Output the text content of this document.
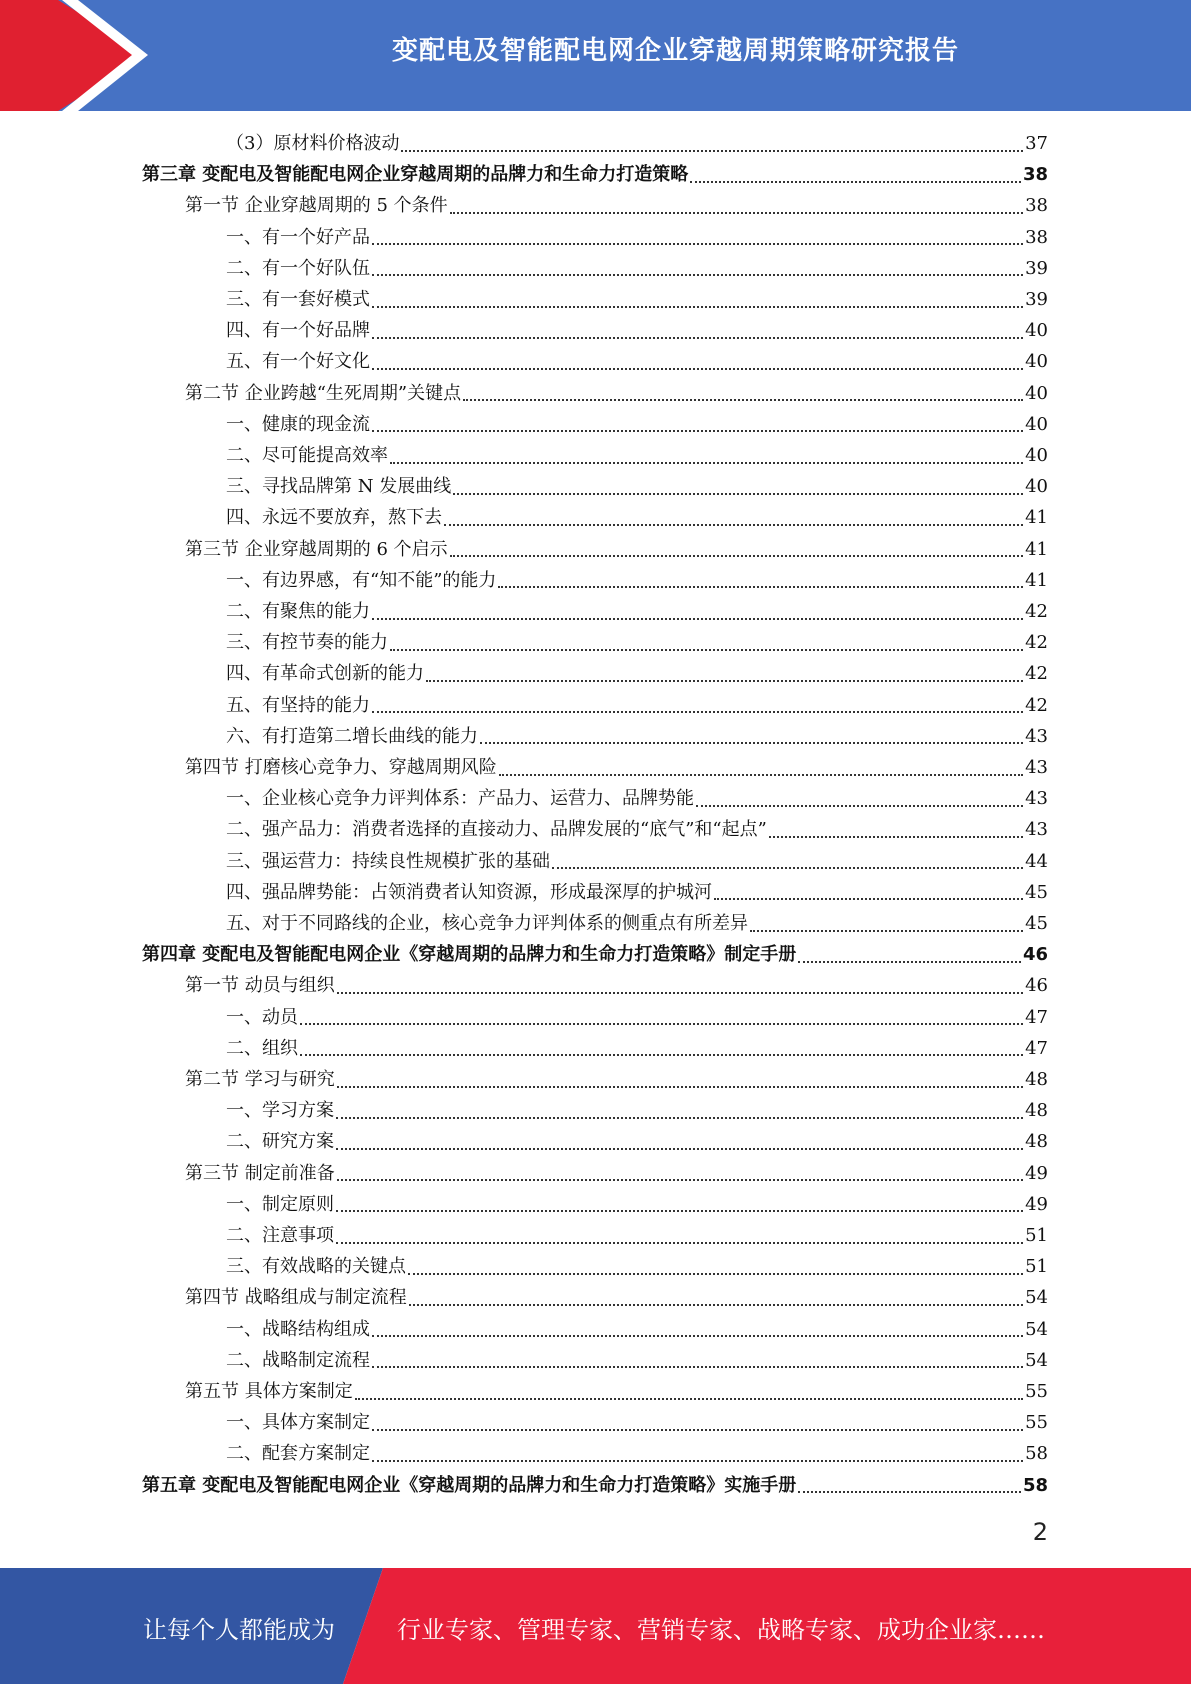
变配电及智能配电网企业穿越周期策略研究报告
（3）原材料价格波动	37
第三章 变配电及智能配电网企业穿越周期的品牌力和生命力打造策略	38
第一节 企业穿越周期的 5 个条件	38
一、有一个好产品	38
二、有一个好队伍	39
三、有一套好模式	39
四、有一个好品牌	40
五、有一个好文化	40
第二节 企业跨越“生死周期”关键点	40
一、健康的现金流	40
二、尽可能提高效率	40
三、寻找品牌第 N 发展曲线	40
四、永远不要放弃，熬下去	41
第三节 企业穿越周期的 6 个启示	41
一、有边界感，有“知不能”的能力	41
二、有聚焦的能力	42
三、有控节奏的能力	42
四、有革命式创新的能力	42
五、有坚持的能力	42
六、有打造第二增长曲线的能力	43
第四节 打磨核心竞争力、穿越周期风险	43
一、企业核心竞争力评判体系：产品力、运营力、品牌势能	43
二、强产品力：消费者选择的直接动力、品牌发展的“底气”和“起点”	43
三、强运营力：持续良性规模扩张的基础	44
四、强品牌势能：占领消费者认知资源，形成最深厚的护城河	45
五、对于不同路线的企业，核心竞争力评判体系的侧重点有所差异	45
第四章 变配电及智能配电网企业《穿越周期的品牌力和生命力打造策略》制定手册	46
第一节 动员与组织	46
一、动员	47
二、组织	47
第二节 学习与研究	48
一、学习方案	48
二、研究方案	48
第三节 制定前准备	49
一、制定原则	49
二、注意事项	51
三、有效战略的关键点	51
第四节 战略组成与制定流程	54
一、战略结构组成	54
二、战略制定流程	54
第五节 具体方案制定	55
一、具体方案制定	55
二、配套方案制定	58
第五章 变配电及智能配电网企业《穿越周期的品牌力和生命力打造策略》实施手册	58
2
让每个人都能成为	行业专家、管理专家、营销专家、战略专家、成功企业家……
